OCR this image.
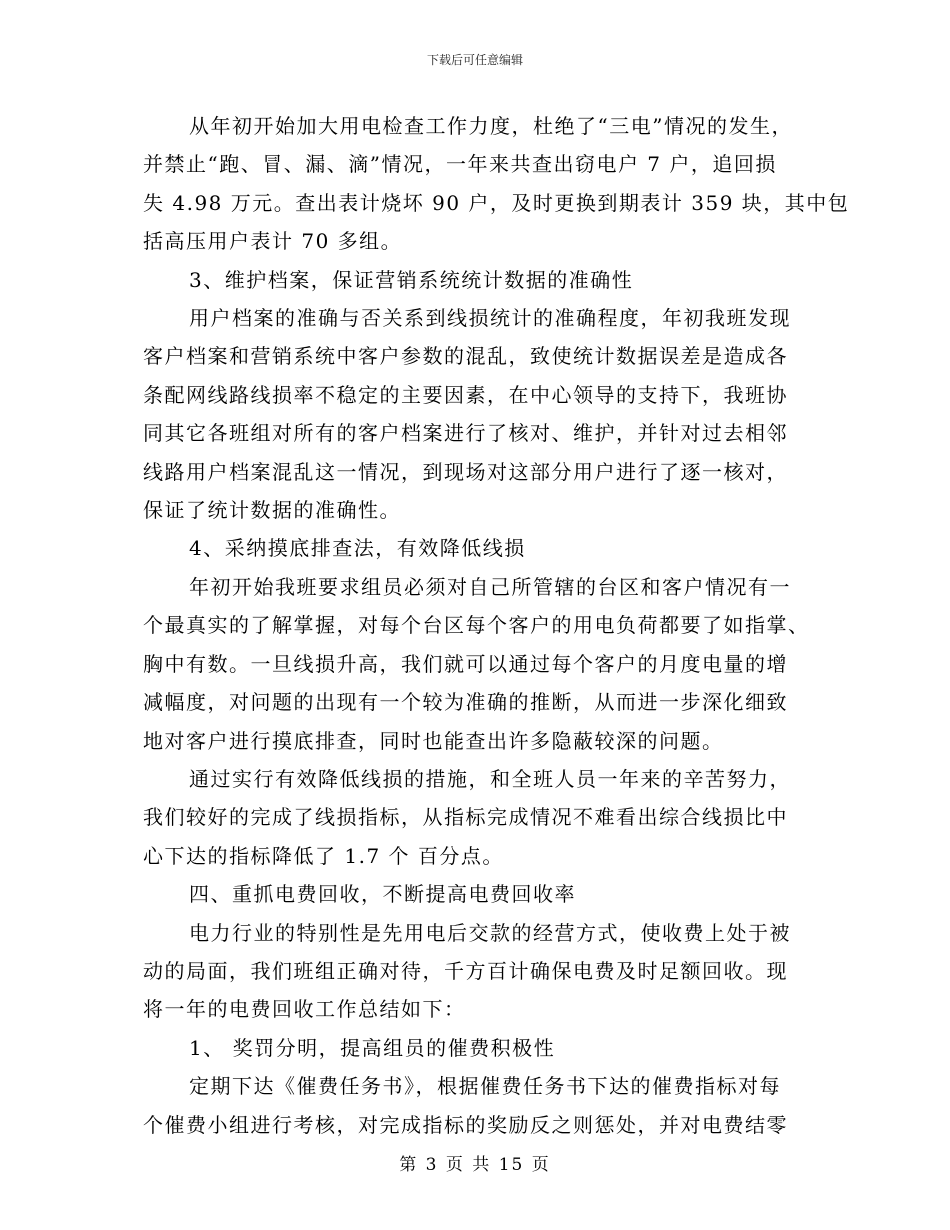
下载后可任意编辑

从年初开始加大用电检查工作力度，杜绝了“三电”情况的发生，
并禁止“跑、冒、漏、滴”情况，一年来共查出窃电户 7 户，追回损
失 4.98 万元。查出表计烧坏 90 户，及时更换到期表计 359 块，其中包
括高压用户表计 70 多组。

3、维护档案，保证营销系统统计数据的准确性

用户档案的准确与否关系到线损统计的准确程度，年初我班发现
客户档案和营销系统中客户参数的混乱，致使统计数据误差是造成各
条配网线路线损率不稳定的主要因素，在中心领导的支持下，我班协
同其它各班组对所有的客户档案进行了核对、维护，并针对过去相邻
线路用户档案混乱这一情况，到现场对这部分用户进行了逐一核对，
保证了统计数据的准确性。

4、采纳摸底排查法，有效降低线损

年初开始我班要求组员必须对自己所管辖的台区和客户情况有一
个最真实的了解掌握，对每个台区每个客户的用电负荷都要了如指掌、
胸中有数。一旦线损升高，我们就可以通过每个客户的月度电量的增
减幅度，对问题的出现有一个较为准确的推断，从而进一步深化细致
地对客户进行摸底排查，同时也能查出许多隐蔽较深的问题。

通过实行有效降低线损的措施，和全班人员一年来的辛苦努力，
我们较好的完成了线损指标，从指标完成情况不难看出综合线损比中
心下达的指标降低了 1.7 个 百分点。

四、重抓电费回收，不断提高电费回收率

电力行业的特别性是先用电后交款的经营方式，使收费上处于被
动的局面，我们班组正确对待，千方百计确保电费及时足额回收。现
将一年的电费回收工作总结如下：

1、 奖罚分明，提高组员的催费积极性

定期下达《催费任务书》，根据催费任务书下达的催费指标对每
个催费小组进行考核，对完成指标的奖励反之则惩处，并对电费结零

第 3 页 共 15 页
